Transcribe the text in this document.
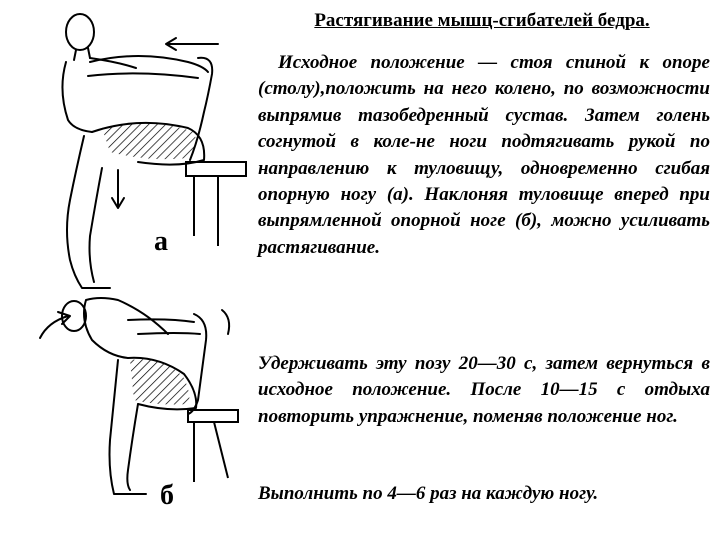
а
б
Растягивание мышц-сгибателей бедра.

Исходное положение — стоя спиной к опоре (столу),положить на него колено, по возможности выпрямив тазобедренный сустав. Затем голень согнутой в коле-не ноги подтягивать рукой по направлению к туловищу, одновременно сгибая опорную ногу (а). Наклоняя туловище вперед при выпрямленной опорной ноге (б), можно усиливать растягивание.

Удерживать эту позу 20—30 с, затем вернуться в исходное положение. После 10—15 с отдыха повторить упражнение, поменяв положение ног.

Выполнить по 4—6 раз на каждую ногу.
